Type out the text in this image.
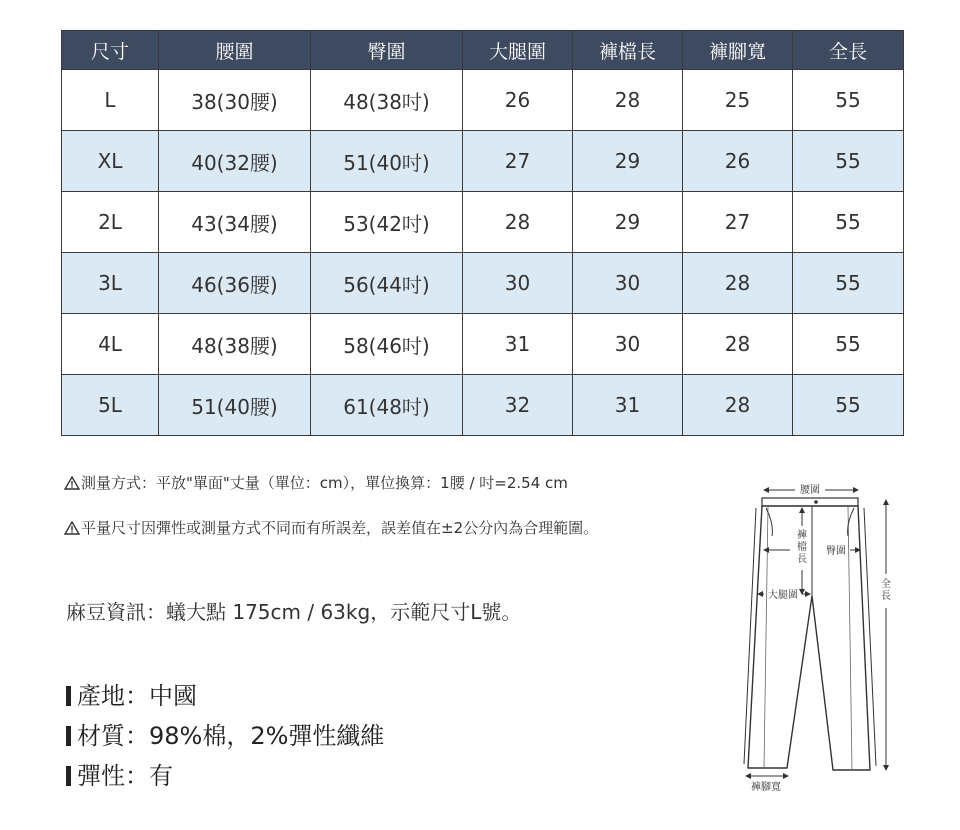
尺寸	腰圍	臀圍	大腿圍	褲檔長	褲腳寬	全長
L	38(30腰)	48(38吋)	26	28	25	55
XL	40(32腰)	51(40吋)	27	29	26	55
2L	43(34腰)	53(42吋)	28	29	27	55
3L	46(36腰)	56(44吋)	30	30	28	55
4L	48(38腰)	58(46吋)	31	30	28	55
5L	51(40腰)	61(48吋)	32	31	28	55
測量方式：平放"單面"丈量（單位：cm），單位換算：1腰 / 吋=2.54 cm
平量尺寸因彈性或測量方式不同而有所誤差，誤差值在±2公分內為合理範圍。
麻豆資訊：蟻大點 175cm / 63kg，示範尺寸L號。
產地：中國
材質：98%棉，2%彈性纖維
彈性：有
腰圍
褲
檔
長
臀圍
大腿圍
全
長
褲腳寬
